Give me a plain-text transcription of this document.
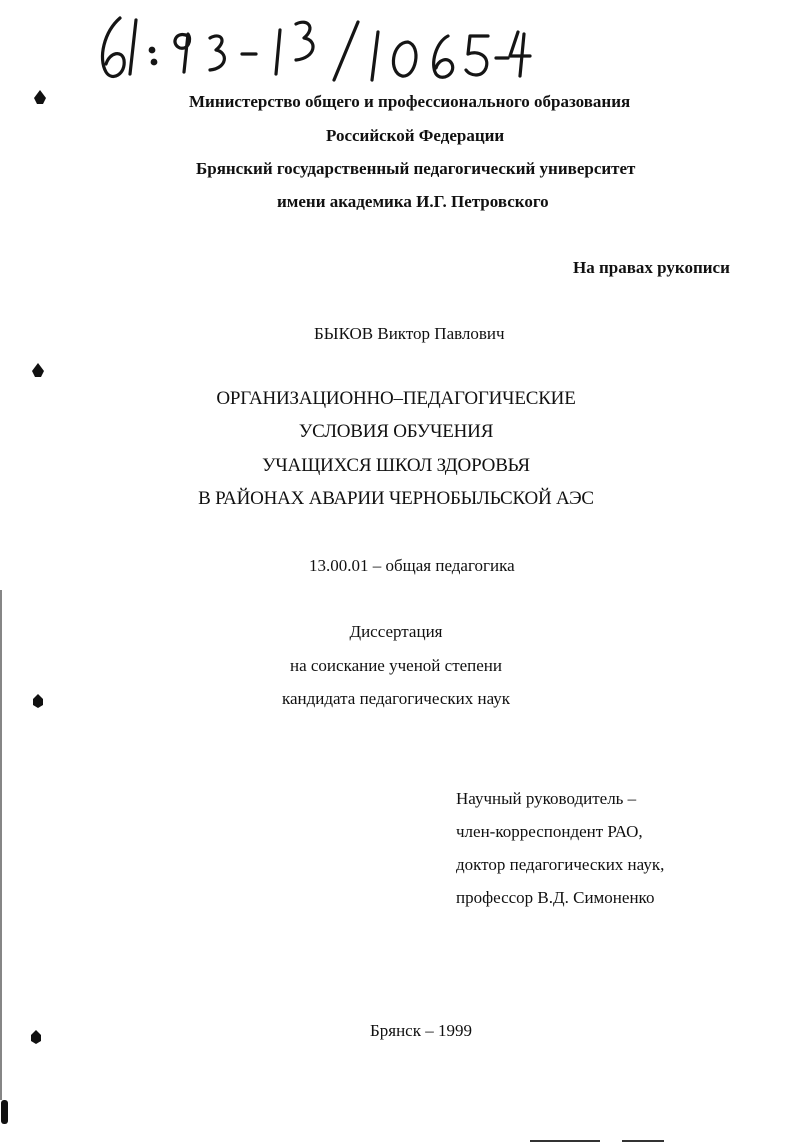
Министерство общего и профессионального образования
Российской Федерации
Брянский государственный педагогический университет
имени академика И.Г. Петровского
На правах рукописи
БЫКОВ Виктор Павлович
ОРГАНИЗАЦИОННО–ПЕДАГОГИЧЕСКИЕ
УСЛОВИЯ ОБУЧЕНИЯ
УЧАЩИХСЯ ШКОЛ ЗДОРОВЬЯ
В РАЙОНАХ АВАРИИ ЧЕРНОБЫЛЬСКОЙ АЭС
13.00.01 – общая педагогика
Диссертация
на соискание ученой степени
кандидата педагогических наук
Научный руководитель –
член-корреспондент РАО,
доктор педагогических наук,
профессор В.Д. Симоненко
Брянск – 1999
